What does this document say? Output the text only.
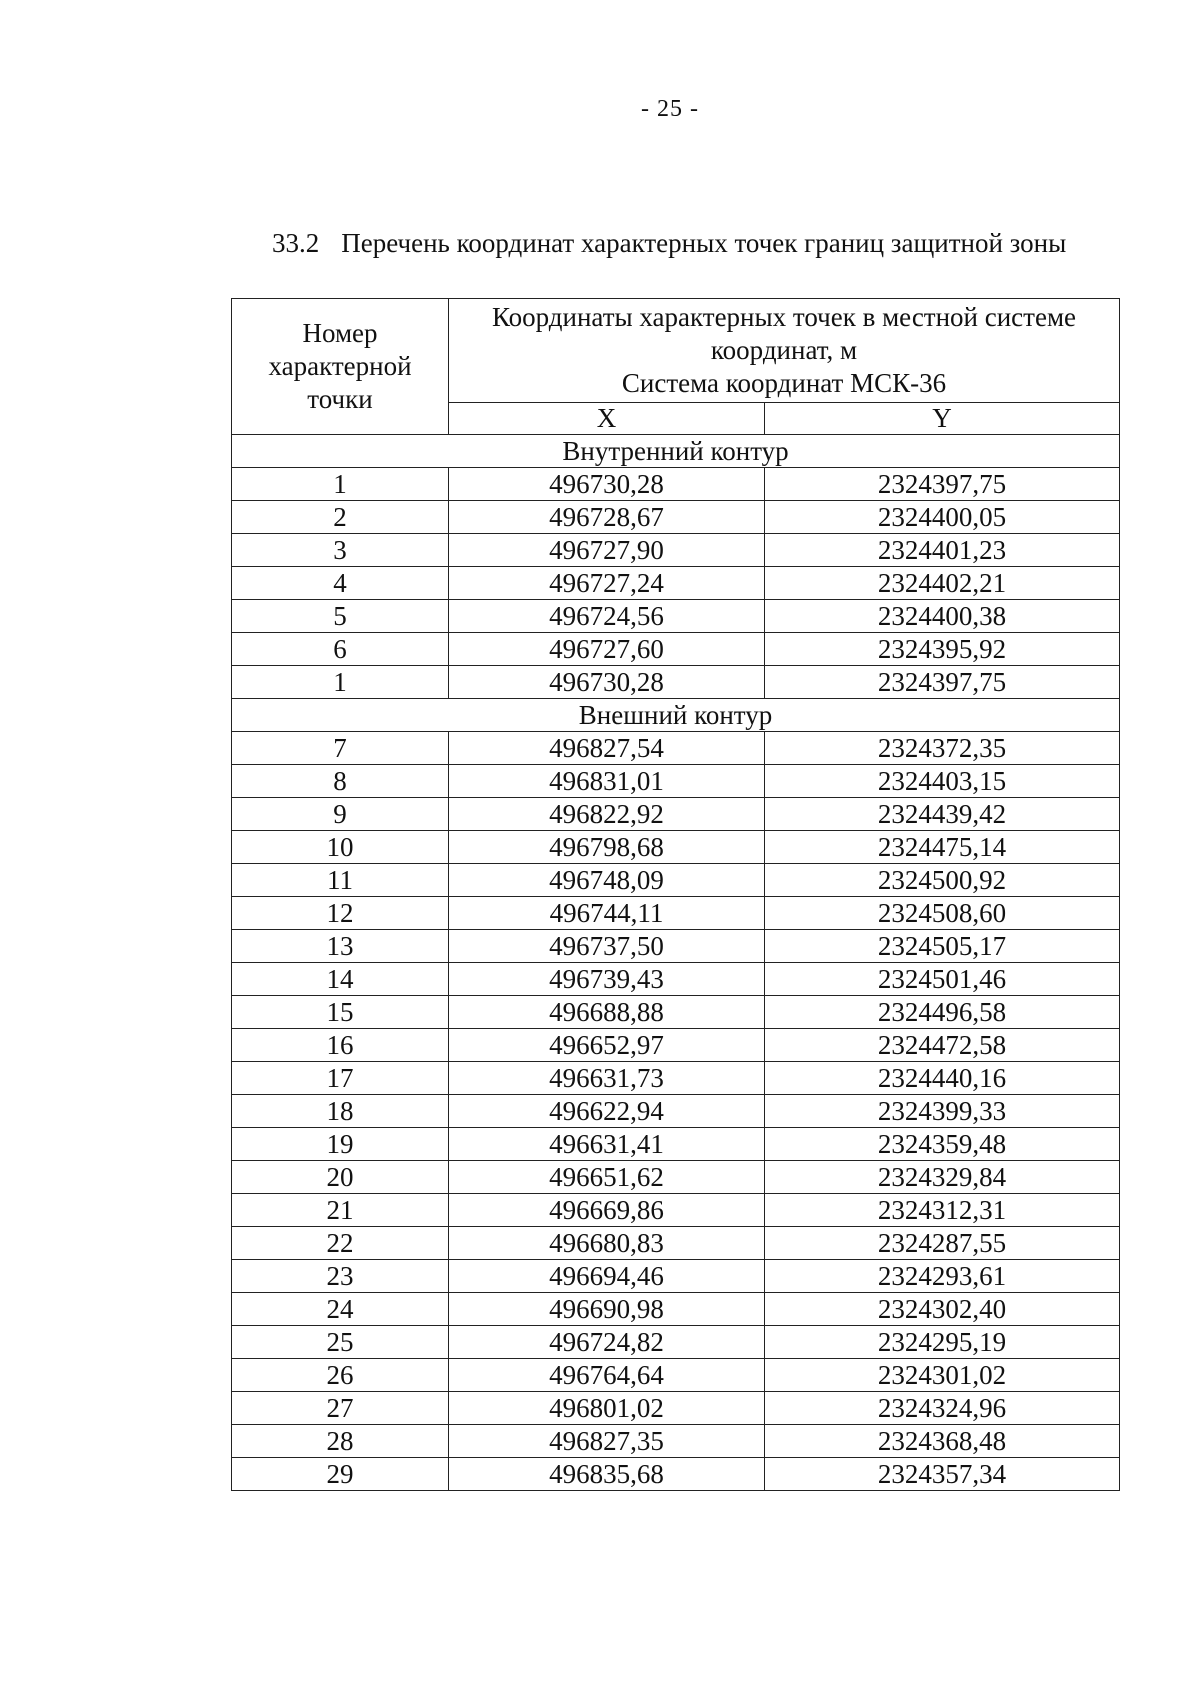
- 25 -
33.2 Перечень координат характерных точек границ защитной зоны
Номер
характерной
точки	Координаты характерных точек в местной системе
координат, м
Система координат МСК-36	

	X	Y
Внутренний контур		
1	496730,28	2324397,75
2	496728,67	2324400,05
3	496727,90	2324401,23
4	496727,24	2324402,21
5	496724,56	2324400,38
6	496727,60	2324395,92
1	496730,28	2324397,75
Внешний контур		
7	496827,54	2324372,35
8	496831,01	2324403,15
9	496822,92	2324439,42
10	496798,68	2324475,14
11	496748,09	2324500,92
12	496744,11	2324508,60
13	496737,50	2324505,17
14	496739,43	2324501,46
15	496688,88	2324496,58
16	496652,97	2324472,58
17	496631,73	2324440,16
18	496622,94	2324399,33
19	496631,41	2324359,48
20	496651,62	2324329,84
21	496669,86	2324312,31
22	496680,83	2324287,55
23	496694,46	2324293,61
24	496690,98	2324302,40
25	496724,82	2324295,19
26	496764,64	2324301,02
27	496801,02	2324324,96
28	496827,35	2324368,48
29	496835,68	2324357,34
